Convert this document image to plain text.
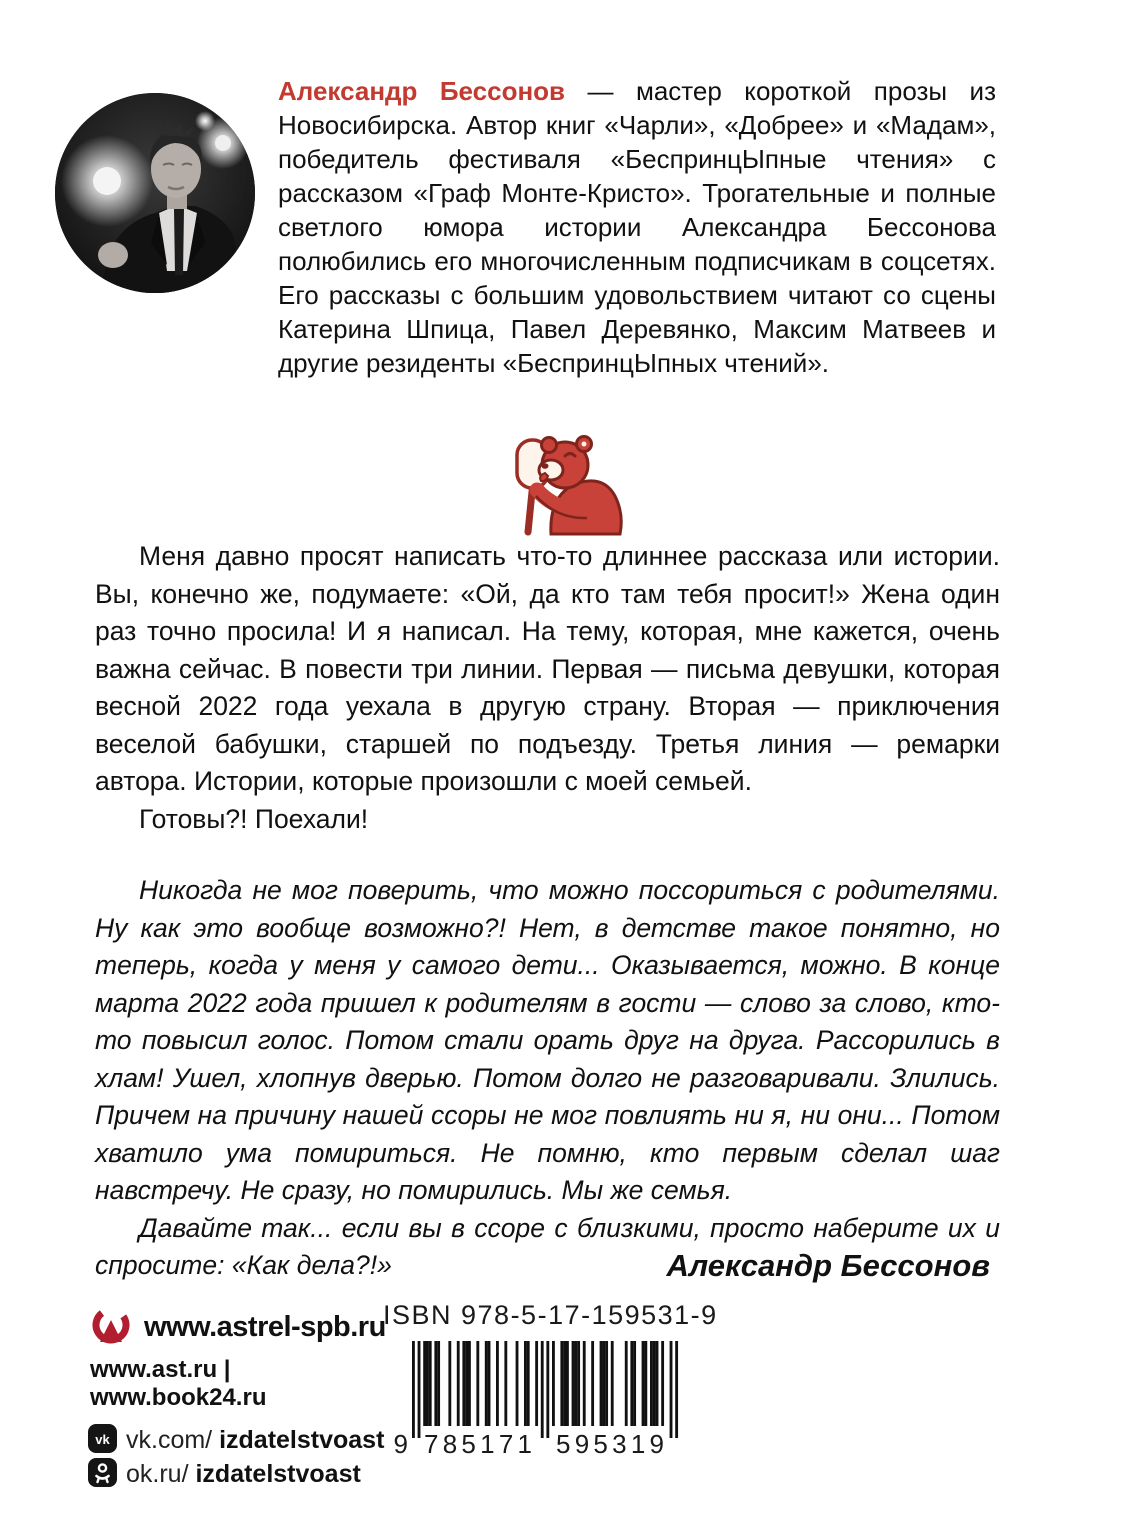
Александр Бессонов — мастер короткой прозы из Новосибирска. Автор книг «Чарли», «Добрее» и «Мадам», победитель фестиваля «БеспринцЫпные чтения» с рассказом «Граф Монте-Кристо». Трогательные и полные светлого юмора истории Александра Бессонова полюбились его многочисленным подписчикам в соцсетях. Его рассказы с большим удовольствием читают со сцены Катерина Шпица, Павел Деревянко, Максим Матвеев и другие резиденты «БеспринцЫпных чтений».

Меня давно просят написать что-то длиннее рассказа или истории. Вы, конечно же, подумаете: «Ой, да кто там тебя просит!» Жена один раз точно просила! И я написал. На тему, которая, мне кажется, очень важна сейчас. В повести три линии. Первая — письма девушки, которая весной 2022 года уехала в другую страну. Вторая — приключения веселой бабушки, старшей по подъезду. Третья линия — ремарки автора. Истории, которые произошли с моей семьей.

Готовы?! Поехали!

Никогда не мог поверить, что можно поссориться с родителями. Ну как это вообще возможно?! Нет, в детстве такое понятно, но теперь, когда у меня у самого дети... Оказывается, можно. В конце марта 2022 года пришел к родителям в гости — слово за слово, кто-то повысил голос. Потом стали орать друг на друга. Рассорились в хлам! Ушел, хлопнув дверью. Потом долго не разговаривали. Злились. Причем на причину нашей ссоры не мог повлиять ни я, ни они... Потом хватило ума помириться. Не помню, кто первым сделал шаг навстречу. Не сразу, но помирились. Мы же семья.

Давайте так... если вы в ссоре с близкими, просто наберите их и спросите: «Как дела?!»	Александр Бессонов
www.astrel-spb.ru
www.ast.ru | www.book24.ru
vk vk.com/ izdatelstvoast
ok.ru/ izdatelstvoast
ISBN 978-5-17-159531-9
9 785171 595319
